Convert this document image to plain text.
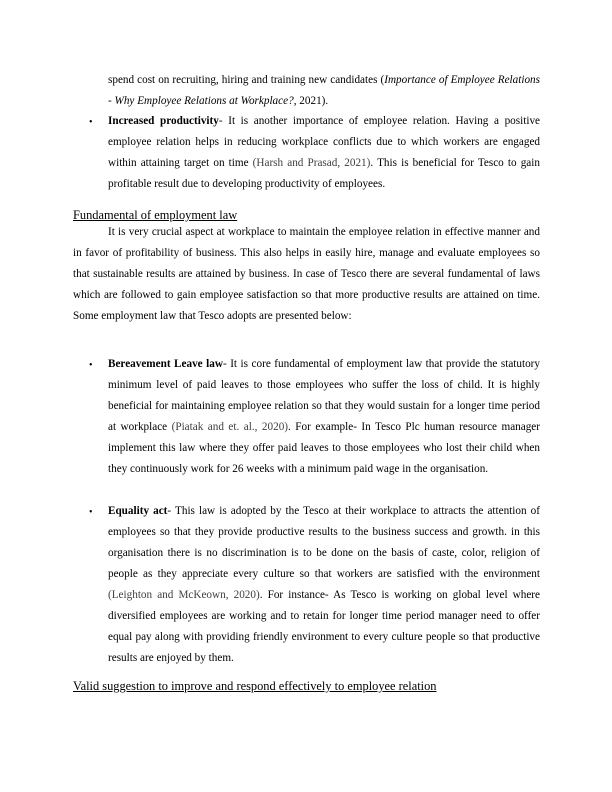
spend cost on recruiting, hiring and training new candidates (Importance of Employee Relations - Why Employee Relations at Workplace?, 2021).

• Increased productivity- It is another importance of employee relation. Having a positive employee relation helps in reducing workplace conflicts due to which workers are engaged within attaining target on time (Harsh and Prasad, 2021). This is beneficial for Tesco to gain profitable result due to developing productivity of employees.

Fundamental of employment law

It is very crucial aspect at workplace to maintain the employee relation in effective manner and in favor of profitability of business. This also helps in easily hire, manage and evaluate employees so that sustainable results are attained by business. In case of Tesco there are several fundamental of laws which are followed to gain employee satisfaction so that more productive results are attained on time. Some employment law that Tesco adopts are presented below:

• Bereavement Leave law- It is core fundamental of employment law that provide the statutory minimum level of paid leaves to those employees who suffer the loss of child. It is highly beneficial for maintaining employee relation so that they would sustain for a longer time period at workplace (Piatak and et. al., 2020). For example- In Tesco Plc human resource manager implement this law where they offer paid leaves to those employees who lost their child when they continuously work for 26 weeks with a minimum paid wage in the organisation.

• Equality act- This law is adopted by the Tesco at their workplace to attracts the attention of employees so that they provide productive results to the business success and growth. in this organisation there is no discrimination is to be done on the basis of caste, color, religion of people as they appreciate every culture so that workers are satisfied with the environment (Leighton and McKeown, 2020). For instance- As Tesco is working on global level where diversified employees are working and to retain for longer time period manager need to offer equal pay along with providing friendly environment to every culture people so that productive results are enjoyed by them.

Valid suggestion to improve and respond effectively to employee relation
